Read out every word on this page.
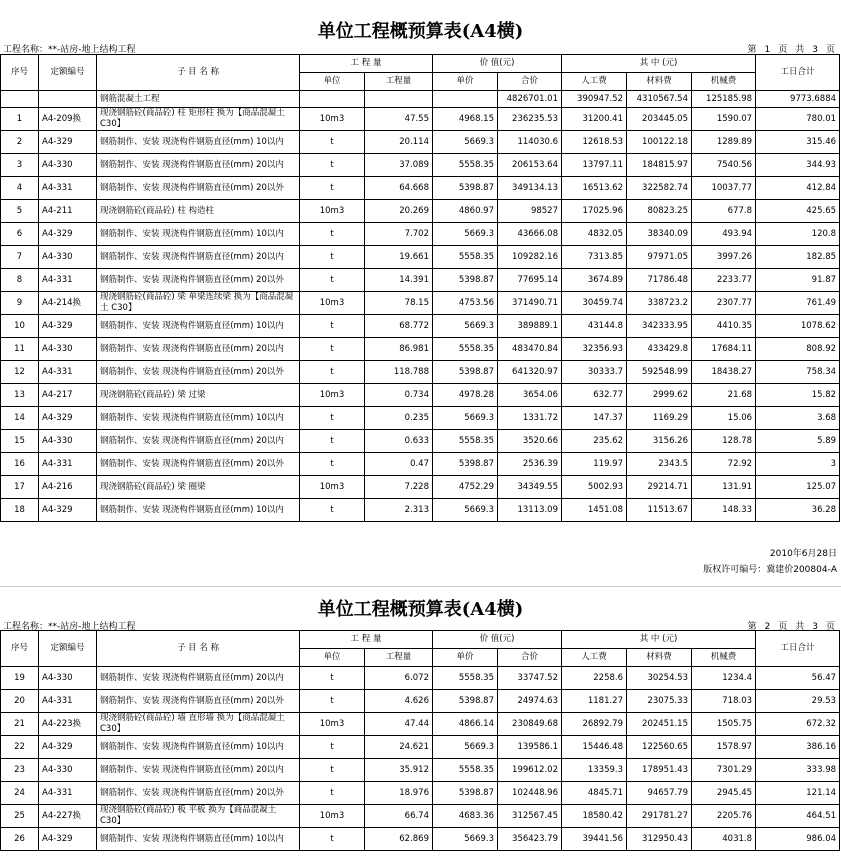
单位工程概预算表(A4横)
工程名称：**-站房-地上结构工程	第 1 页 共 3 页
序号	定额编号	子 目 名 称	工 程 量		价 值(元)		其 中 (元)			工日合计
			单位	工程量	单价	合价	人工费	材料费	机械费	
		钢筋混凝土工程				4826701.01	390947.52	4310567.54	125185.98	9773.6884
1	A4-209换	现浇钢筋砼(商品砼) 柱 矩形柱 换为【商品混凝土 C30】	10m3	47.55	4968.15	236235.53	31200.41	203445.05	1590.07	780.01
2	A4-329	钢筋制作、安装 现浇构件钢筋直径(mm) 10以内	t	20.114	5669.3	114030.6	12618.53	100122.18	1289.89	315.46
3	A4-330	钢筋制作、安装 现浇构件钢筋直径(mm) 20以内	t	37.089	5558.35	206153.64	13797.11	184815.97	7540.56	344.93
4	A4-331	钢筋制作、安装 现浇构件钢筋直径(mm) 20以外	t	64.668	5398.87	349134.13	16513.62	322582.74	10037.77	412.84
5	A4-211	现浇钢筋砼(商品砼) 柱 构造柱	10m3	20.269	4860.97	98527	17025.96	80823.25	677.8	425.65
6	A4-329	钢筋制作、安装 现浇构件钢筋直径(mm) 10以内	t	7.702	5669.3	43666.08	4832.05	38340.09	493.94	120.8
7	A4-330	钢筋制作、安装 现浇构件钢筋直径(mm) 20以内	t	19.661	5558.35	109282.16	7313.85	97971.05	3997.26	182.85
8	A4-331	钢筋制作、安装 现浇构件钢筋直径(mm) 20以外	t	14.391	5398.87	77695.14	3674.89	71786.48	2233.77	91.87
9	A4-214换	现浇钢筋砼(商品砼) 梁 单梁连续梁 换为【商品混凝土 C30】	10m3	78.15	4753.56	371490.71	30459.74	338723.2	2307.77	761.49
10	A4-329	钢筋制作、安装 现浇构件钢筋直径(mm) 10以内	t	68.772	5669.3	389889.1	43144.8	342333.95	4410.35	1078.62
11	A4-330	钢筋制作、安装 现浇构件钢筋直径(mm) 20以内	t	86.981	5558.35	483470.84	32356.93	433429.8	17684.11	808.92
12	A4-331	钢筋制作、安装 现浇构件钢筋直径(mm) 20以外	t	118.788	5398.87	641320.97	30333.7	592548.99	18438.27	758.34
13	A4-217	现浇钢筋砼(商品砼) 梁 过梁	10m3	0.734	4978.28	3654.06	632.77	2999.62	21.68	15.82
14	A4-329	钢筋制作、安装 现浇构件钢筋直径(mm) 10以内	t	0.235	5669.3	1331.72	147.37	1169.29	15.06	3.68
15	A4-330	钢筋制作、安装 现浇构件钢筋直径(mm) 20以内	t	0.633	5558.35	3520.66	235.62	3156.26	128.78	5.89
16	A4-331	钢筋制作、安装 现浇构件钢筋直径(mm) 20以外	t	0.47	5398.87	2536.39	119.97	2343.5	72.92	3
17	A4-216	现浇钢筋砼(商品砼) 梁 圈梁	10m3	7.228	4752.29	34349.55	5002.93	29214.71	131.91	125.07
18	A4-329	钢筋制作、安装 现浇构件钢筋直径(mm) 10以内	t	2.313	5669.3	13113.09	1451.08	11513.67	148.33	36.28
2010年6月28日
版权许可编号：冀建价200804-A
单位工程概预算表(A4横)
工程名称：**-站房-地上结构工程	第 2 页 共 3 页
序号	定额编号	子 目 名 称	工 程 量		价 值(元)		其 中 (元)			工日合计
			单位	工程量	单价	合价	人工费	材料费	机械费	
19	A4-330	钢筋制作、安装 现浇构件钢筋直径(mm) 20以内	t	6.072	5558.35	33747.52	2258.6	30254.53	1234.4	56.47
20	A4-331	钢筋制作、安装 现浇构件钢筋直径(mm) 20以外	t	4.626	5398.87	24974.63	1181.27	23075.33	718.03	29.53
21	A4-223换	现浇钢筋砼(商品砼) 墙 直形墙 换为【商品混凝土 C30】	10m3	47.44	4866.14	230849.68	26892.79	202451.15	1505.75	672.32
22	A4-329	钢筋制作、安装 现浇构件钢筋直径(mm) 10以内	t	24.621	5669.3	139586.1	15446.48	122560.65	1578.97	386.16
23	A4-330	钢筋制作、安装 现浇构件钢筋直径(mm) 20以内	t	35.912	5558.35	199612.02	13359.3	178951.43	7301.29	333.98
24	A4-331	钢筋制作、安装 现浇构件钢筋直径(mm) 20以外	t	18.976	5398.87	102448.96	4845.71	94657.79	2945.45	121.14
25	A4-227换	现浇钢筋砼(商品砼) 板 平板 换为【商品混凝土 C30】	10m3	66.74	4683.36	312567.45	18580.42	291781.27	2205.76	464.51
26	A4-329	钢筋制作、安装 现浇构件钢筋直径(mm) 10以内	t	62.869	5669.3	356423.79	39441.56	312950.43	4031.8	986.04
